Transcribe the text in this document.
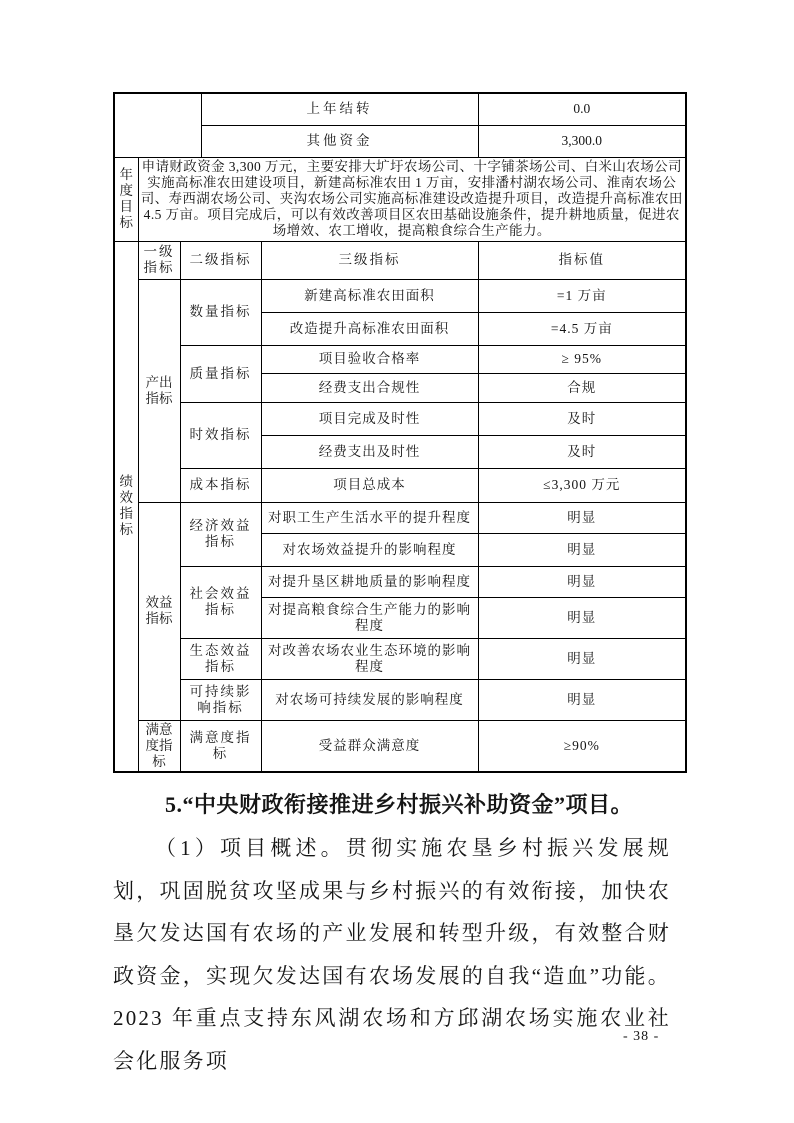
			上年结转		0.0
			其他资金		3,300.0
年度目标	申请财政资金 3,300 万元，主要安排大圹圩农场公司、十字铺茶场公司、白米山农场公司实施高标准农田建设项目，新建高标准农田 1 万亩，安排潘村湖农场公司、淮南农场公司、寿西湖农场公司、夹沟农场公司实施高标准建设改造提升项目，改造提升高标准农田 4.5 万亩。项目完成后，可以有效改善项目区农田基础设施条件，提升耕地质量，促进农场增效、农工增收，提高粮食综合生产能力。				
绩效指标	一级指标	二级指标		三级指标	指标值
	产出指标	数量指标		新建高标准农田面积	=1 万亩
				改造提升高标准农田面积	=4.5 万亩
		质量指标		项目验收合格率	≥ 95%
				经费支出合规性	合规
		时效指标		项目完成及时性	及时
				经费支出及时性	及时
		成本指标		项目总成本	≤3,300 万元
	效益指标	经济效益指标		对职工生产生活水平的提升程度	明显
				对农场效益提升的影响程度	明显
		社会效益指标		对提升垦区耕地质量的影响程度	明显
				对提高粮食综合生产能力的影响程度	明显
		生态效益指标		对改善农场农业生态环境的影响程度	明显
		可持续影响指标		对农场可持续发展的影响程度	明显
	满意度指标	满意度指标		受益群众满意度	≥90%
5.“中央财政衔接推进乡村振兴补助资金”项目。

（1）项目概述。贯彻实施农垦乡村振兴发展规划，巩固脱贫攻坚成果与乡村振兴的有效衔接，加快农垦欠发达国有农场的产业发展和转型升级，有效整合财政资金，实现欠发达国有农场发展的自我“造血”功能。2023 年重点支持东风湖农场和方邱湖农场实施农业社会化服务项

- 38 -
